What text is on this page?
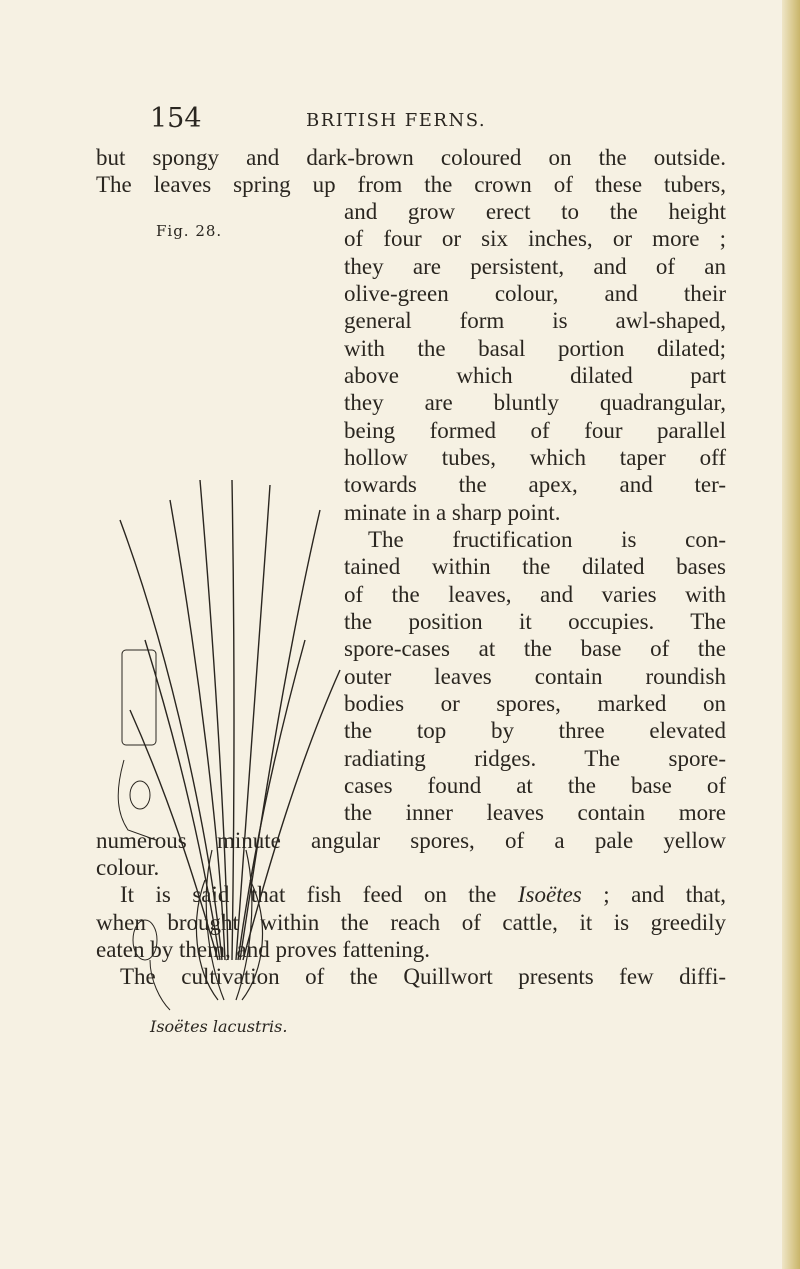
154	BRITISH FERNS.
but spongy and dark-brown coloured on the outside.
The leaves spring up from the crown of these tubers,
Fig. 28.
and grow erect to the height
of four or six inches, or more ;
they are persistent, and of an
olive-green colour, and their
general form is awl-shaped,
with the basal portion dilated;
above which dilated part
they are bluntly quadrangular,
being formed of four parallel
hollow tubes, which taper off
towards the apex, and ter-
minate in a sharp point.
The fructification is con-
tained within the dilated bases
of the leaves, and varies with
the position it occupies. The
spore-cases at the base of the
outer leaves contain roundish
bodies or spores, marked on
the top by three elevated
radiating ridges. The spore-
cases found at the base of
the inner leaves contain more
Isoëtes lacustris.
numerous minute angular spores, of a pale yellow
colour.
It is said that fish feed on the Isoëtes ; and that,
when brought within the reach of cattle, it is greedily
eaten by them, and proves fattening.
The cultivation of the Quillwort presents few diffi-
